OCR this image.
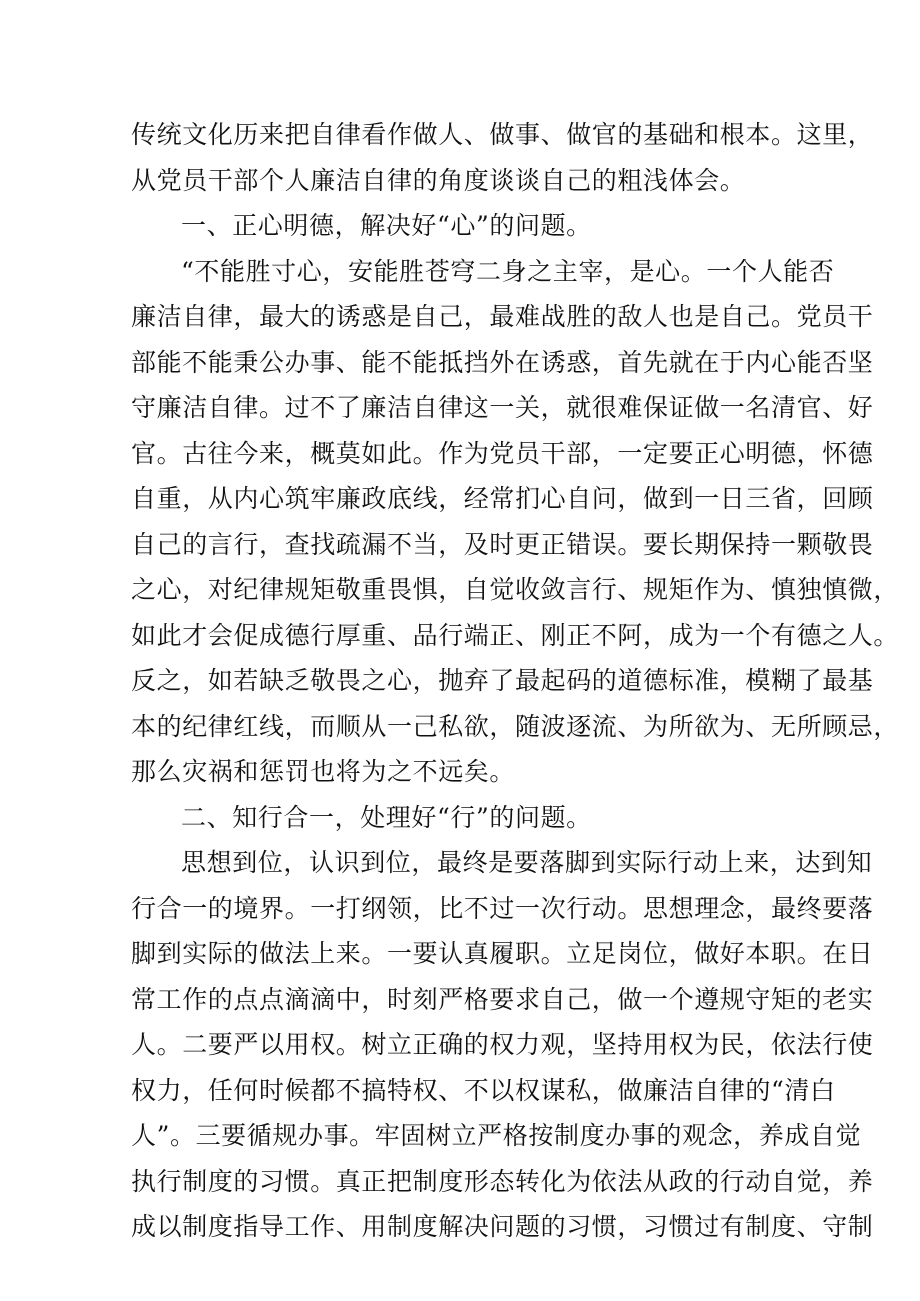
传统文化历来把自律看作做人、做事、做官的基础和根本。这里，
从党员干部个人廉洁自律的角度谈谈自己的粗浅体会。
一、正心明德，解决好“心”的问题。
“不能胜寸心，安能胜苍穹二身之主宰，是心。一个人能否
廉洁自律，最大的诱惑是自己，最难战胜的敌人也是自己。党员干
部能不能秉公办事、能不能抵挡外在诱惑，首先就在于内心能否坚
守廉洁自律。过不了廉洁自律这一关，就很难保证做一名清官、好
官。古往今来，概莫如此。作为党员干部，一定要正心明德，怀德
自重，从内心筑牢廉政底线，经常扪心自问，做到一日三省，回顾
自己的言行，查找疏漏不当，及时更正错误。要长期保持一颗敬畏
之心，对纪律规矩敬重畏惧，自觉收敛言行、规矩作为、慎独慎微，
如此才会促成德行厚重、品行端正、刚正不阿，成为一个有德之人。
反之，如若缺乏敬畏之心，抛弃了最起码的道德标准，模糊了最基
本的纪律红线，而顺从一己私欲，随波逐流、为所欲为、无所顾忌，
那么灾祸和惩罚也将为之不远矣。
二、知行合一，处理好“行”的问题。
思想到位，认识到位，最终是要落脚到实际行动上来，达到知
行合一的境界。一打纲领，比不过一次行动。思想理念，最终要落
脚到实际的做法上来。一要认真履职。立足岗位，做好本职。在日
常工作的点点滴滴中，时刻严格要求自己，做一个遵规守矩的老实
人。二要严以用权。树立正确的权力观，坚持用权为民，依法行使
权力，任何时候都不搞特权、不以权谋私，做廉洁自律的“清白
人”。三要循规办事。牢固树立严格按制度办事的观念，养成自觉
执行制度的习惯。真正把制度形态转化为依法从政的行动自觉，养
成以制度指导工作、用制度解决问题的习惯，习惯过有制度、守制
